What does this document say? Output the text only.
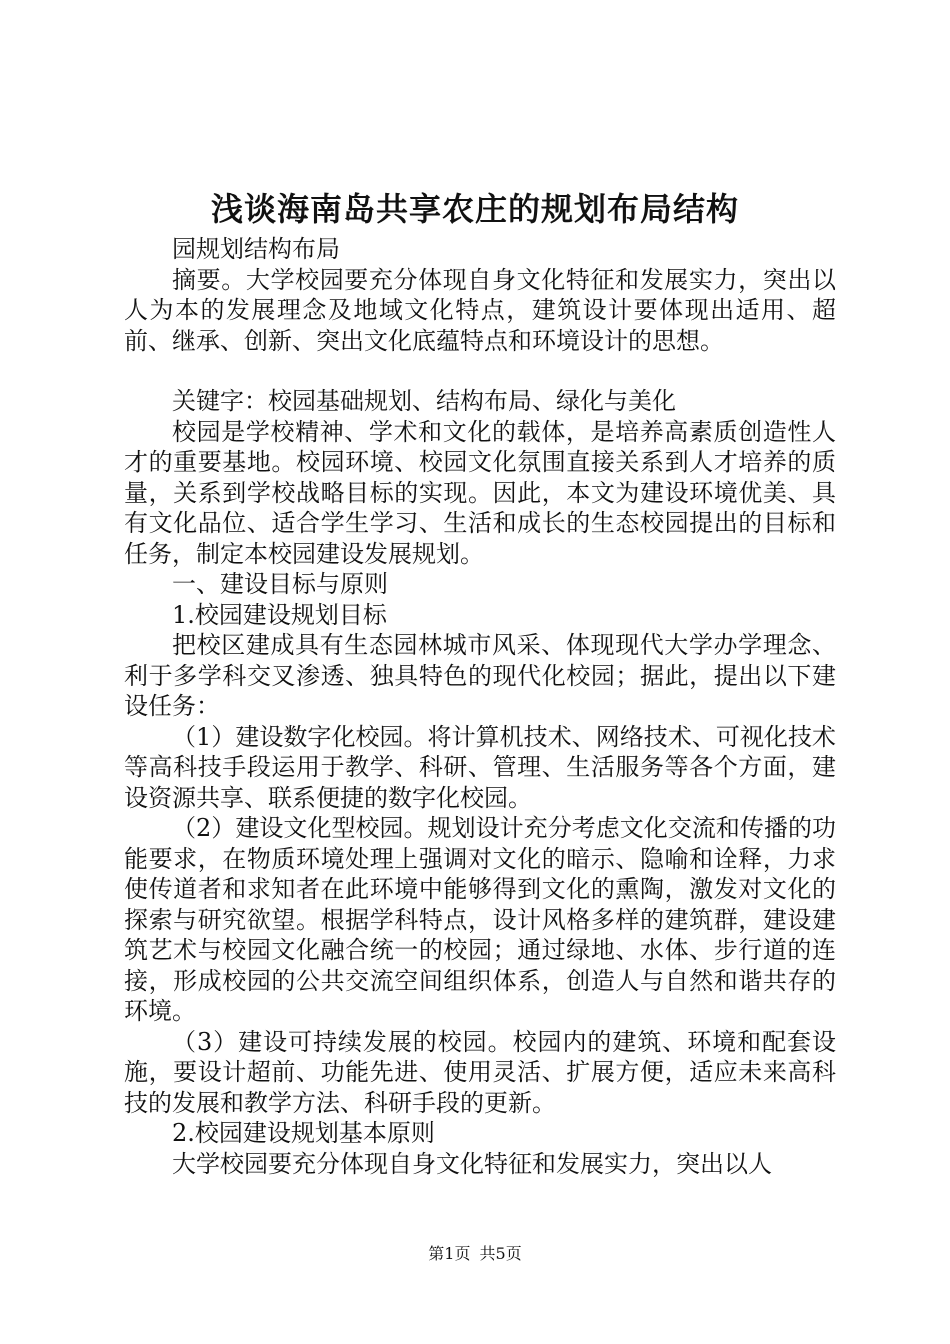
浅谈海南岛共享农庄的规划布局结构

园规划结构布局

摘要。大学校园要充分体现自身文化特征和发展实力，突出以人为本的发展理念及地域文化特点，建筑设计要体现出适用、超前、继承、创新、突出文化底蕴特点和环境设计的思想。

关键字：校园基础规划、结构布局、绿化与美化

校园是学校精神、学术和文化的载体，是培养高素质创造性人才的重要基地。校园环境、校园文化氛围直接关系到人才培养的质量，关系到学校战略目标的实现。因此，本文为建设环境优美、具有文化品位、适合学生学习、生活和成长的生态校园提出的目标和任务，制定本校园建设发展规划。

一、建设目标与原则

1.校园建设规划目标

把校区建成具有生态园林城市风采、体现现代大学办学理念、利于多学科交叉渗透、独具特色的现代化校园；据此，提出以下建设任务：

（1）建设数字化校园。将计算机技术、网络技术、可视化技术等高科技手段运用于教学、科研、管理、生活服务等各个方面，建设资源共享、联系便捷的数字化校园。

（2）建设文化型校园。规划设计充分考虑文化交流和传播的功能要求，在物质环境处理上强调对文化的暗示、隐喻和诠释，力求使传道者和求知者在此环境中能够得到文化的熏陶，激发对文化的探索与研究欲望。根据学科特点，设计风格多样的建筑群，建设建筑艺术与校园文化融合统一的校园；通过绿地、水体、步行道的连接，形成校园的公共交流空间组织体系，创造人与自然和谐共存的环境。

（3）建设可持续发展的校园。校园内的建筑、环境和配套设施，要设计超前、功能先进、使用灵活、扩展方便，适应未来高科技的发展和教学方法、科研手段的更新。

2.校园建设规划基本原则

大学校园要充分体现自身文化特征和发展实力，突出以人

第1页 共5页
